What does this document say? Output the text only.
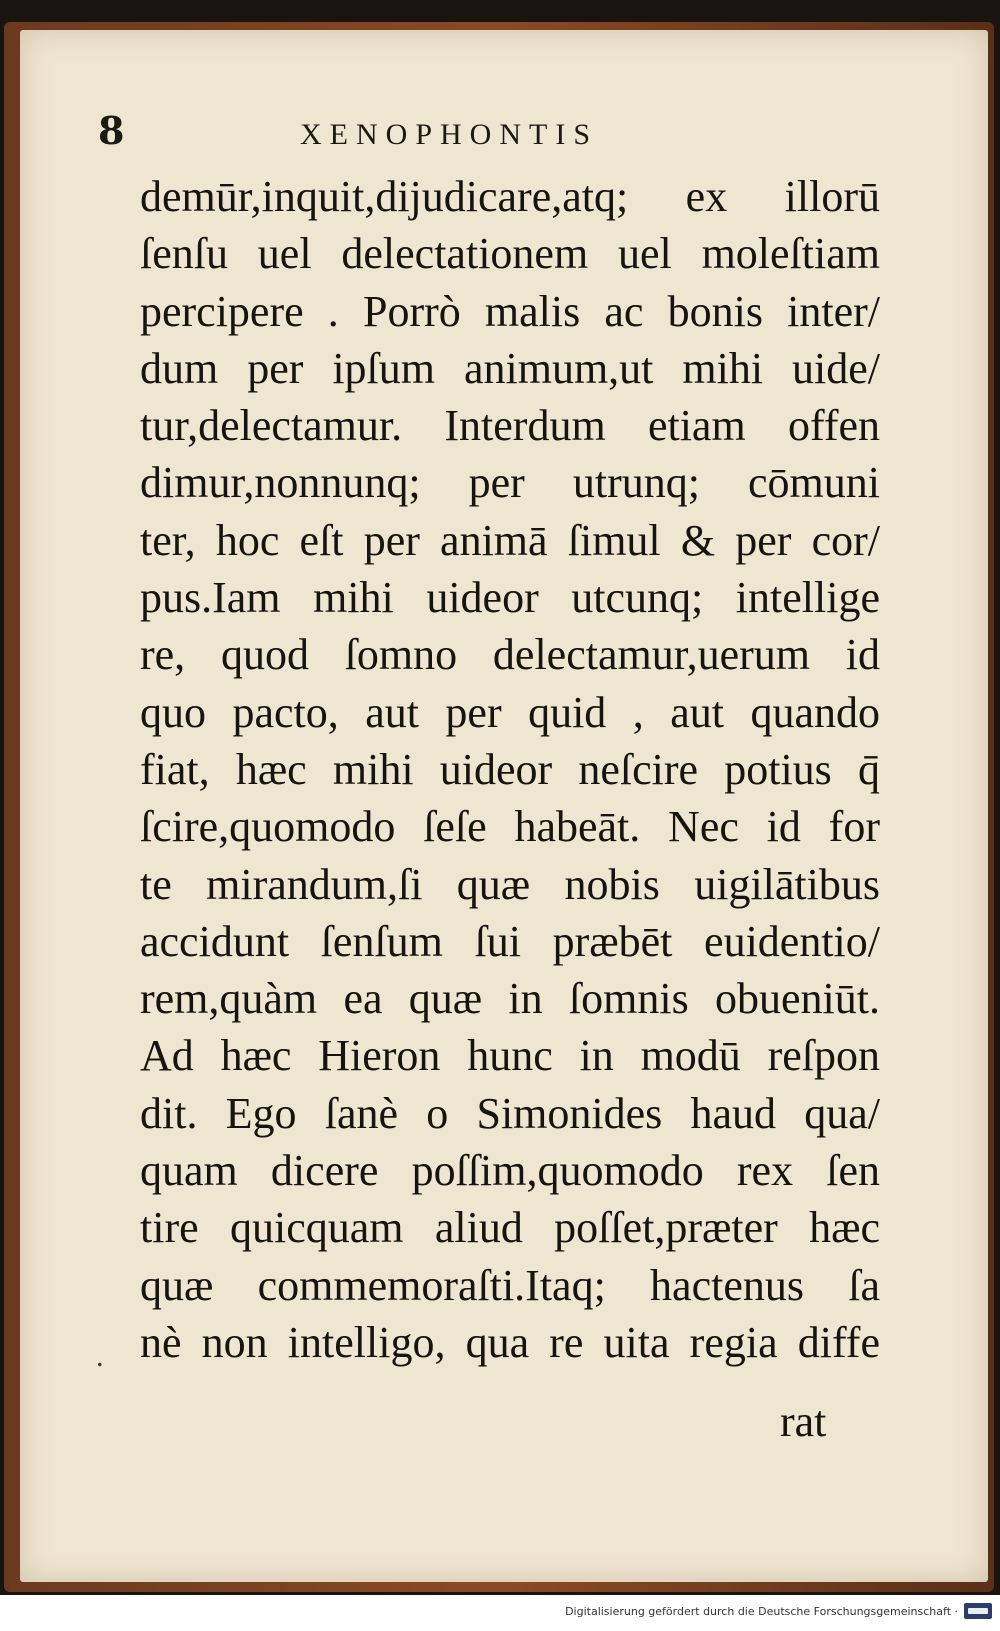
8	XENOPHONTIS
demūr,inquit,dijudicare,atq; ex illorū
ſenſu uel delectationem uel moleſtiam
percipere . Porrò malis ac bonis inter/
dum per ipſum animum,ut mihi uide/
tur,delectamur. Interdum etiam offen
dimur,nonnunq; per utrunq; cōmuni
ter, hoc eſt per animā ſimul & per cor/
pus.Iam mihi uideor utcunq; intellige
re, quod ſomno delectamur,uerum id
quo pacto, aut per quid , aut quando
fiat, hæc mihi uideor neſcire potius q̄
ſcire,quomodo ſeſe habeāt. Nec id for
te mirandum,ſi quæ nobis uigilātibus
accidunt ſenſum ſui præbēt euidentio/
rem,quàm ea quæ in ſomnis obueniūt.
Ad hæc Hieron hunc in modū reſpon
dit. Ego ſanè o Simonides haud qua/
quam dicere poſſim,quomodo rex ſen
tire quicquam aliud poſſet,præter hæc
quæ commemoraſti.Itaq; hactenus ſa
nè non intelligo, qua re uita regia diffe
.
rat
Digitalisierung gefördert durch die Deutsche Forschungsgemeinschaft ·
